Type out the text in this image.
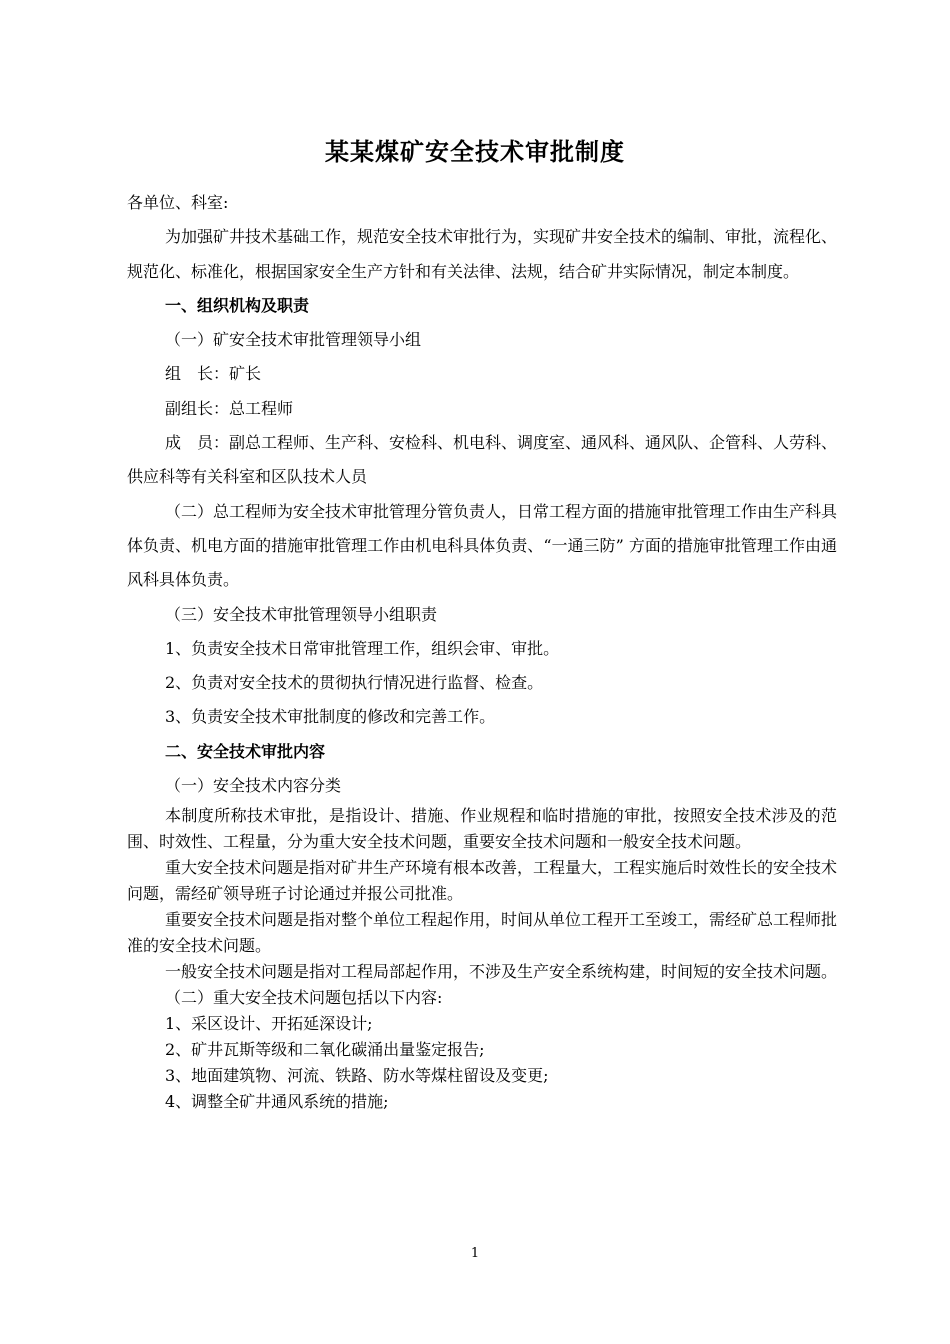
某某煤矿安全技术审批制度

各单位、科室:

为加强矿井技术基础工作，规范安全技术审批行为，实现矿井安全技术的编制、审批，流程化、规范化、标准化，根据国家安全生产方针和有关法律、法规，结合矿井实际情况，制定本制度。

一、组织机构及职责

（一）矿安全技术审批管理领导小组

组　长：矿长

副组长：总工程师

成　员：副总工程师、生产科、安检科、机电科、调度室、通风科、通风队、企管科、人劳科、供应科等有关科室和区队技术人员

（二）总工程师为安全技术审批管理分管负责人，日常工程方面的措施审批管理工作由生产科具体负责、机电方面的措施审批管理工作由机电科具体负责、“一通三防” 方面的措施审批管理工作由通风科具体负责。

（三）安全技术审批管理领导小组职责

1、负责安全技术日常审批管理工作，组织会审、审批。

2、负责对安全技术的贯彻执行情况进行监督、检查。

3、负责安全技术审批制度的修改和完善工作。

二、安全技术审批内容

（一）安全技术内容分类

本制度所称技术审批，是指设计、措施、作业规程和临时措施的审批，按照安全技术涉及的范围、时效性、工程量，分为重大安全技术问题，重要安全技术问题和一般安全技术问题。

重大安全技术问题是指对矿井生产环境有根本改善，工程量大，工程实施后时效性长的安全技术问题，需经矿领导班子讨论通过并报公司批准。

重要安全技术问题是指对整个单位工程起作用，时间从单位工程开工至竣工，需经矿总工程师批准的安全技术问题。

一般安全技术问题是指对工程局部起作用，不涉及生产安全系统构建，时间短的安全技术问题。

（二）重大安全技术问题包括以下内容:

1、采区设计、开拓延深设计;

2、矿井瓦斯等级和二氧化碳涌出量鉴定报告;

3、地面建筑物、河流、铁路、防水等煤柱留设及变更;

4、调整全矿井通风系统的措施;

1
